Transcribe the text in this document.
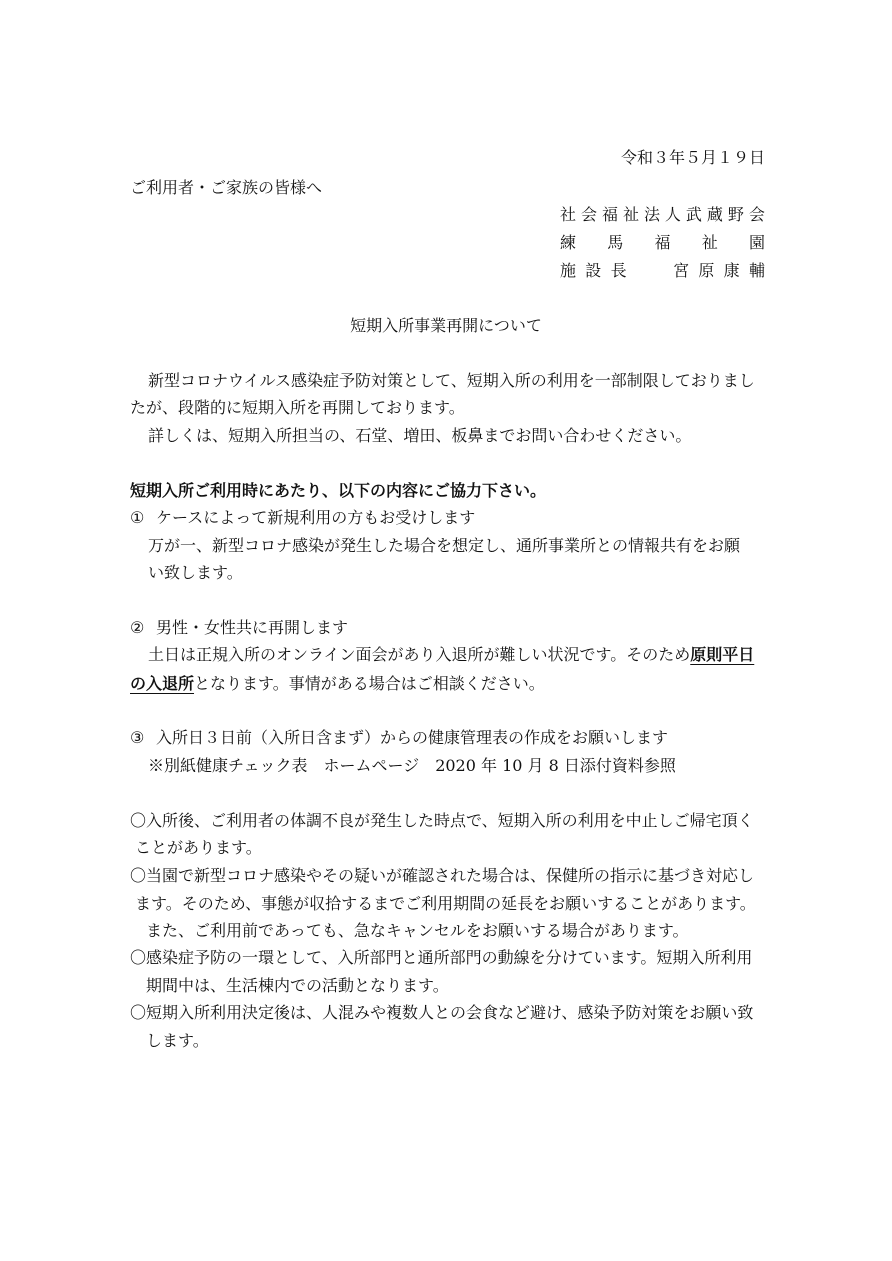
令和３年５月１９日
ご利用者・ご家族の皆様へ
社 会 福 祉 法 人 武 蔵 野 会
練 馬 福 祉 園
施 設 長	宮 原 康 輔
短期入所事業再開について
新型コロナウイルス感染症予防対策として、短期入所の利用を一部制限しておりまし
たが、段階的に短期入所を再開しております。
詳しくは、短期入所担当の、石堂、増田、板鼻までお問い合わせください。
短期入所ご利用時にあたり、以下の内容にご協力下さい。
① ケースによって新規利用の方もお受けします
万が一、新型コロナ感染が発生した場合を想定し、通所事業所との情報共有をお願
い致します。
② 男性・女性共に再開します
土日は正規入所のオンライン面会があり入退所が難しい状況です。そのため原則平日
の入退所となります。事情がある場合はご相談ください。
③ 入所日３日前（入所日含まず）からの健康管理表の作成をお願いします
※別紙健康チェック表　ホームページ　2020 年 10 月 8 日添付資料参照
〇入所後、ご利用者の体調不良が発生した時点で、短期入所の利用を中止しご帰宅頂く
ことがあります。
〇当園で新型コロナ感染やその疑いが確認された場合は、保健所の指示に基づき対応し
ます。そのため、事態が収拾するまでご利用期間の延長をお願いすることがあります。
また、ご利用前であっても、急なキャンセルをお願いする場合があります。
〇感染症予防の一環として、入所部門と通所部門の動線を分けています。短期入所利用
期間中は、生活棟内での活動となります。
〇短期入所利用決定後は、人混みや複数人との会食など避け、感染予防対策をお願い致
します。
